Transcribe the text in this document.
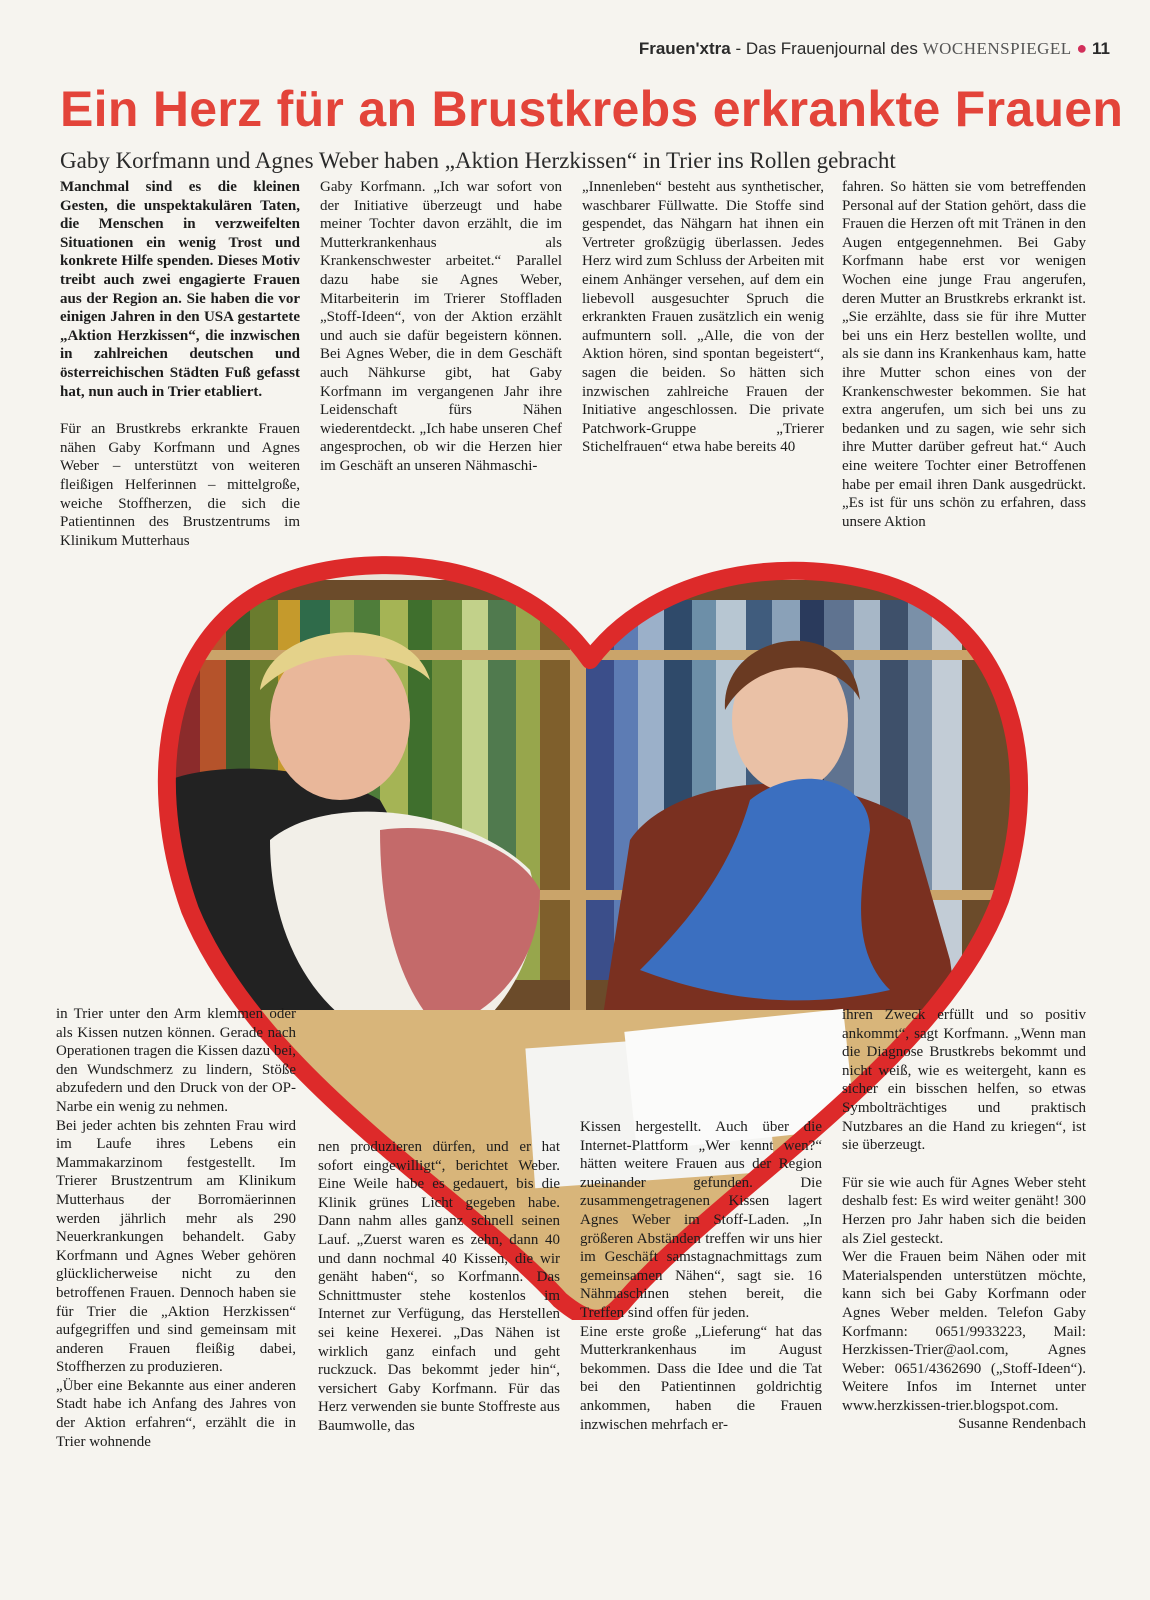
Frauen'xtra - Das Frauenjournal des WOCHENSPIEGEL ● 11
Ein Herz für an Brustkrebs erkrankte Frauen

Gaby Korfmann und Agnes Weber haben „Aktion Herzkissen“ in Trier ins Rollen gebracht

Manchmal sind es die kleinen Gesten, die unspektakulären Taten, die Menschen in verzweifelten Situationen ein wenig Trost und konkrete Hilfe spenden. Dieses Motiv treibt auch zwei engagierte Frauen aus der Region an. Sie haben die vor einigen Jahren in den USA gestartete „Aktion Herzkissen“, die inzwischen in zahlreichen deutschen und österreichischen Städten Fuß gefasst hat, nun auch in Trier etabliert.

Für an Brustkrebs erkrankte Frauen nähen Gaby Korfmann und Agnes Weber – unterstützt von weiteren fleißigen Helferinnen – mittelgroße, weiche Stoffherzen, die sich die Patientinnen des Brustzentrums im Klinikum Mutterhaus

Gaby Korfmann. „Ich war sofort von der Initiative überzeugt und habe meiner Tochter davon erzählt, die im Mutterkrankenhaus als Krankenschwester arbeitet.“ Parallel dazu habe sie Agnes Weber, Mitarbeiterin im Trierer Stoffladen „Stoff-Ideen“, von der Aktion erzählt und auch sie dafür begeistern können. Bei Agnes Weber, die in dem Geschäft auch Nähkurse gibt, hat Gaby Korfmann im vergangenen Jahr ihre Leidenschaft fürs Nähen wiederentdeckt. „Ich habe unseren Chef angesprochen, ob wir die Herzen hier im Geschäft an unseren Nähmaschi-

„Innenleben“ besteht aus synthetischer, waschbarer Füllwatte. Die Stoffe sind gespendet, das Nähgarn hat ihnen ein Vertreter großzügig überlassen. Jedes Herz wird zum Schluss der Arbeiten mit einem Anhänger versehen, auf dem ein liebevoll ausgesuchter Spruch die erkrankten Frauen zusätzlich ein wenig aufmuntern soll. „Alle, die von der Aktion hören, sind spontan begeistert“, sagen die beiden. So hätten sich inzwischen zahlreiche Frauen der Initiative angeschlossen. Die private Patchwork-Gruppe „Trierer Stichelfrauen“ etwa habe bereits 40

fahren. So hätten sie vom betreffenden Personal auf der Station gehört, dass die Frauen die Herzen oft mit Tränen in den Augen entgegennehmen. Bei Gaby Korfmann habe erst vor wenigen Wochen eine junge Frau angerufen, deren Mutter an Brustkrebs erkrankt ist. „Sie erzählte, dass sie für ihre Mutter bei uns ein Herz bestellen wollte, und als sie dann ins Krankenhaus kam, hatte ihre Mutter schon eines von der Krankenschwester bekommen. Sie hat extra angerufen, um sich bei uns zu bedanken und zu sagen, wie sehr sich ihre Mutter darüber gefreut hat.“ Auch eine weitere Tochter einer Betroffenen habe per email ihren Dank ausgedrückt. „Es ist für uns schön zu erfahren, dass unsere Aktion

in Trier unter den Arm klemmen oder als Kissen nutzen können. Gerade nach Operationen tragen die Kissen dazu bei, den Wundschmerz zu lindern, Stöße abzufedern und den Druck von der OP-Narbe ein wenig zu nehmen.

Bei jeder achten bis zehnten Frau wird im Laufe ihres Lebens ein Mammakarzinom festgestellt. Im Trierer Brustzentrum am Klinikum Mutterhaus der Borromäerinnen werden jährlich mehr als 290 Neuerkrankungen behandelt. Gaby Korfmann und Agnes Weber gehören glücklicherweise nicht zu den betroffenen Frauen. Dennoch haben sie für Trier die „Aktion Herzkissen“ aufgegriffen und sind gemeinsam mit anderen Frauen fleißig dabei, Stoffherzen zu produzieren.

„Über eine Bekannte aus einer anderen Stadt habe ich Anfang des Jahres von der Aktion erfahren“, erzählt die in Trier wohnende

nen produzieren dürfen, und er hat sofort eingewilligt“, berichtet Weber. Eine Weile habe es gedauert, bis die Klinik grünes Licht gegeben habe. Dann nahm alles ganz schnell seinen Lauf. „Zuerst waren es zehn, dann 40 und dann nochmal 40 Kissen, die wir genäht haben“, so Korfmann. Das Schnittmuster stehe kostenlos im Internet zur Verfügung, das Herstellen sei keine Hexerei. „Das Nähen ist wirklich ganz einfach und geht ruckzuck. Das bekommt jeder hin“, versichert Gaby Korfmann. Für das Herz verwenden sie bunte Stoffreste aus Baumwolle, das

Kissen hergestellt. Auch über die Internet-Plattform „Wer kennt wen?“ hätten weitere Frauen aus der Region zueinander gefunden. Die zusammengetragenen Kissen lagert Agnes Weber im Stoff-Laden. „In größeren Abständen treffen wir uns hier im Geschäft samstagnachmittags zum gemeinsamen Nähen“, sagt sie. 16 Nähmaschinen stehen bereit, die Treffen sind offen für jeden.

Eine erste große „Lieferung“ hat das Mutterkrankenhaus im August bekommen. Dass die Idee und die Tat bei den Patientinnen goldrichtig ankommen, haben die Frauen inzwischen mehrfach er-

ihren Zweck erfüllt und so positiv ankommt“, sagt Korfmann. „Wenn man die Diagnose Brustkrebs bekommt und nicht weiß, wie es weitergeht, kann es sicher ein bisschen helfen, so etwas Symbolträchtiges und praktisch Nutzbares an die Hand zu kriegen“, ist sie überzeugt.

Für sie wie auch für Agnes Weber steht deshalb fest: Es wird weiter genäht! 300 Herzen pro Jahr haben sich die beiden als Ziel gesteckt.

Wer die Frauen beim Nähen oder mit Materialspenden unterstützen möchte, kann sich bei Gaby Korfmann oder Agnes Weber melden. Telefon Gaby Korfmann: 0651/9933223, Mail: Herzkissen-Trier@aol.com, Agnes Weber: 0651/4362690 („Stoff-Ideen“). Weitere Infos im Internet unter www.herzkissen-trier.blogspot.com.

Susanne Rendenbach
